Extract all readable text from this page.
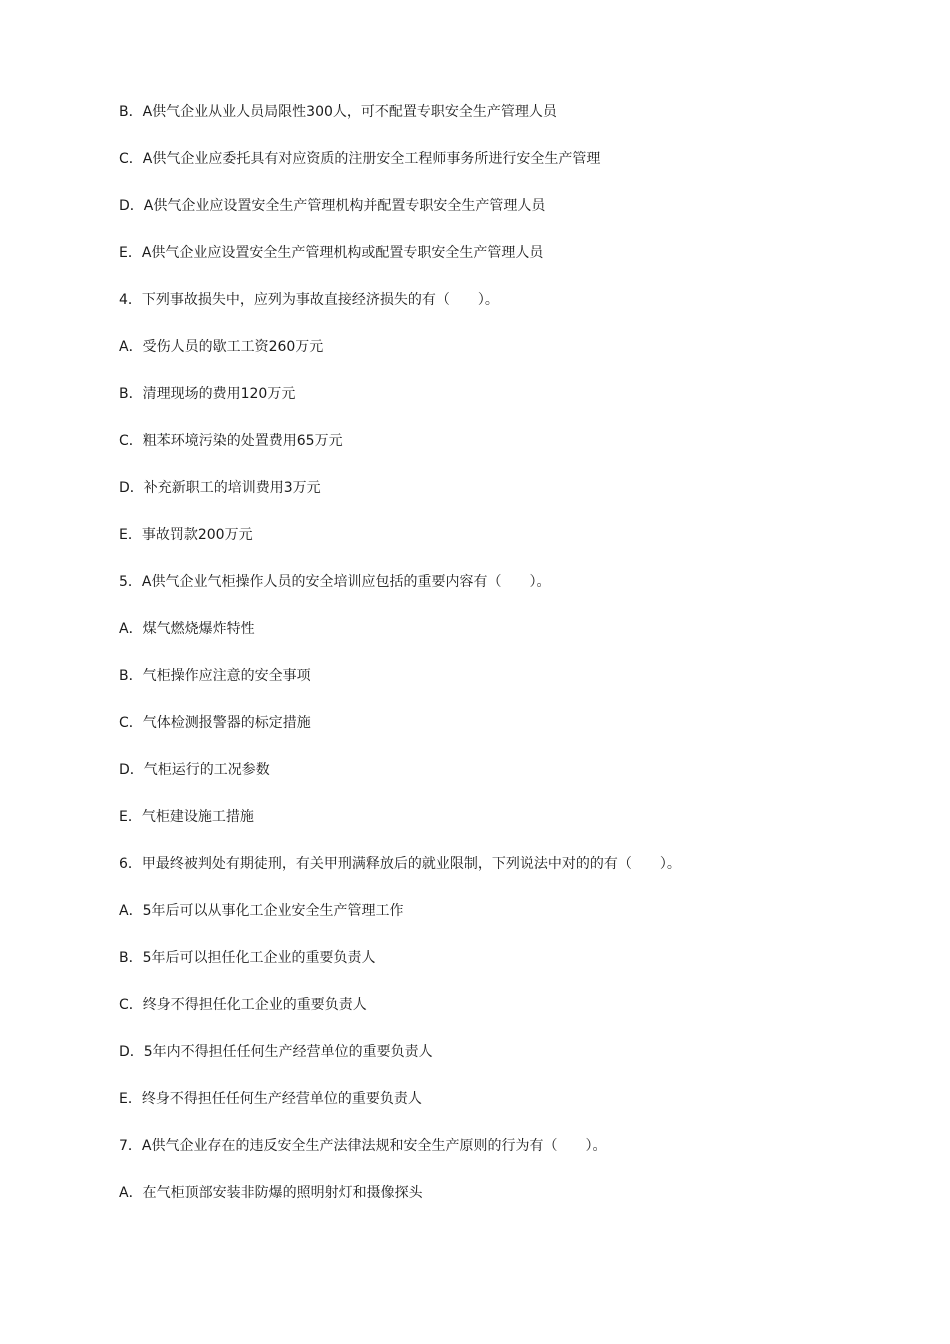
B．A供气企业从业人员局限性300人，可不配置专职安全生产管理人员
C．A供气企业应委托具有对应资质的注册安全工程师事务所进行安全生产管理
D．A供气企业应设置安全生产管理机构并配置专职安全生产管理人员
E．A供气企业应设置安全生产管理机构或配置专职安全生产管理人员
4．下列事故损失中，应列为事故直接经济损失的有（　　）。
A．受伤人员的歇工工资260万元
B．清理现场的费用120万元
C．粗苯环境污染的处置费用65万元
D．补充新职工的培训费用3万元
E．事故罚款200万元
5．A供气企业气柜操作人员的安全培训应包括的重要内容有（　　）。
A．煤气燃烧爆炸特性
B．气柜操作应注意的安全事项
C．气体检测报警器的标定措施
D．气柜运行的工况参数
E．气柜建设施工措施
6．甲最终被判处有期徒刑，有关甲刑满释放后的就业限制，下列说法中对的的有（　　）。
A．5年后可以从事化工企业安全生产管理工作
B．5年后可以担任化工企业的重要负责人
C．终身不得担任化工企业的重要负责人
D．5年内不得担任任何生产经营单位的重要负责人
E．终身不得担任任何生产经营单位的重要负责人
7．A供气企业存在的违反安全生产法律法规和安全生产原则的行为有（　　）。
A．在气柜顶部安装非防爆的照明射灯和摄像探头
